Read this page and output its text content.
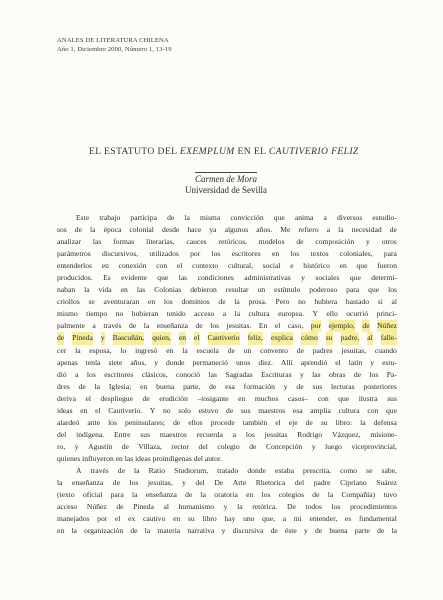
ANALES DE LITERATURA CHILENA
Año 1, Diciembre 2000, Número 1, 13-19
EL ESTATUTO DEL EXEMPLUM EN EL CAUTIVERIO FELIZ
Carmen de Mora
Universidad de Sevilla
Este trabajo participa de la misma convicción que anima a diversos estudio-
sos de la época colonial desde hace ya algunos años. Me refiero a la necesidad de
analizar las formas literarias, cauces retóricos, modelos de composición y otros
parámetros discursivos, utilizados por los escritores en los textos coloniales, para
entenderlos en conexión con el contexto cultural, social e histórico en que fueron
producidos. Es evidente que las condiciones administrativas y sociales que determi-
naban la vida en las Colonias debieron resultar un estímulo poderoso para que los
criollos se aventuraran en los dominios de la prosa. Pero no hubiera bastado si al
mismo tiempo no hubieran tenido acceso a la cultura europea. Y ello ocurrió princi-
palmente a través de la enseñanza de los jesuitas. En el caso, por ejemplo, de Núñez
de Pineda y Bascuñán, quien, en el Cautiverio feliz, explica cómo su padre, al falle-
cer la esposa, lo ingresó en la escuela de un convento de padres jesuitas, cuando
apenas tenía siete años, y donde permaneció unos diez. Allí aprendió el latín y estu-
dió a los escritores clásicos, conoció las Sagradas Escrituras y las obras de los Pa-
dres de la Iglesia; en buena parte, de esa formación y de sus lecturas posteriores
deriva el despliegue de erudición –tosigante en muchos casos– con que ilustra sus
ideas en el Cautiverio. Y no solo estuvo de sus maestros esa amplia cultura con que
alardeó ante los peninsulares; de ellos procede también el eje de su libro: la defensa
del indígena. Entre sus maestros recuerda a los jesuitas Rodrigo Vázquez, misione-
ro, y Agustín de Villaza, rector del colegio de Concepción y luego viceprovincial,
quienes influyeron en las ideas proindígenas del autor.
A través de la Ratio Studiorum, tratado donde estaba prescrita, como se sabe,
la enseñanza de los jesuitas, y del De Arte Rhetorica del padre Cipriano Suárez
(texto oficial para la enseñanza de la oratoria en los colegios de la Compañía) tuvo
acceso Núñez de Pineda al humanismo y la retórica. De todos los procedimientos
manejados por el ex cautivo en su libro hay uno que, a mi entender, es fundamental
en la organización de la materia narrativa y discursiva de éste y de buena parte de la
